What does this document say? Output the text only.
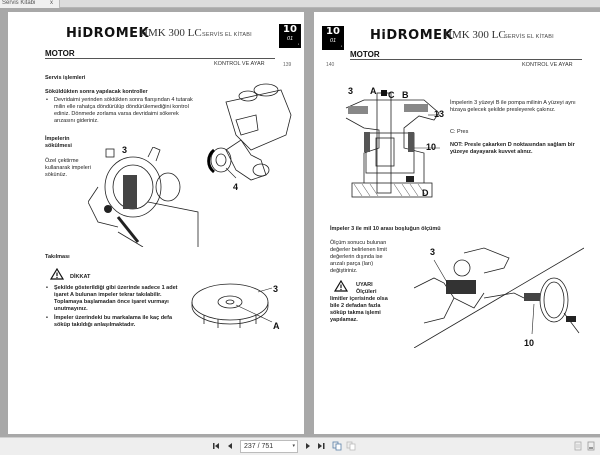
Servis Kitabi x
HiDROMEK
HMK 300 LC SERVİS EL KİTABI	10
01
▪
MOTOR
KONTROL VE AYAR	139
Servis işlemleri
Söküldükten sonra yapılacak kontroller
• Devridaimi yerinden söktükten sonra flanşından 4 tutarak milin elle rahatça döndürülüp döndürülemediğini kontrol ediniz. Dönmede zorlama varsa devridaimi sökerek arızasını gideriniz.
İmpelerin sökülmesi
Özel çektirme kullanarak impeleri sökünüz.
4
3
Takılması
DİKKAT
• Şekilde gösterildiği gibi üzerinde sadece 1 adet işaret A bulunan impeler tekrar takılabilir. Toplamaya başlamadan önce işaret vurmayı unutmayınız.
• İmpeler üzerindeki bu markalama ile kaç defa söküp takıldığı anlaşılmaktadır.
3
A
10
01
▪
140
HiDROMEK
HMK 300 LC
SERVİS EL KİTABI
MOTOR
KONTROL VE AYAR
3 A C B
13
10
D
İmpelerin 3 yüzeyi B ile pompa milinin A yüzeyi aynı hizaya gelecek şekilde presleyerek çakınız.
C: Pres
NOT: Presle çakarken D noktasından sağlam bir yüzeye dayayarak kuvvet alınız.
İmpeler 3 ile mil 10 arası boşluğun ölçümü
Ölçüm sonucu bulunan değerler belirlenen limit değerlerin dışında ise arızalı parça (ları) değiştiriniz.
UYARI
Ölçüleri limitler içerisinde olsa bile 2 defadan fazla söküp takma işlemi yapılamaz.
3
10
237 / 751	▾
